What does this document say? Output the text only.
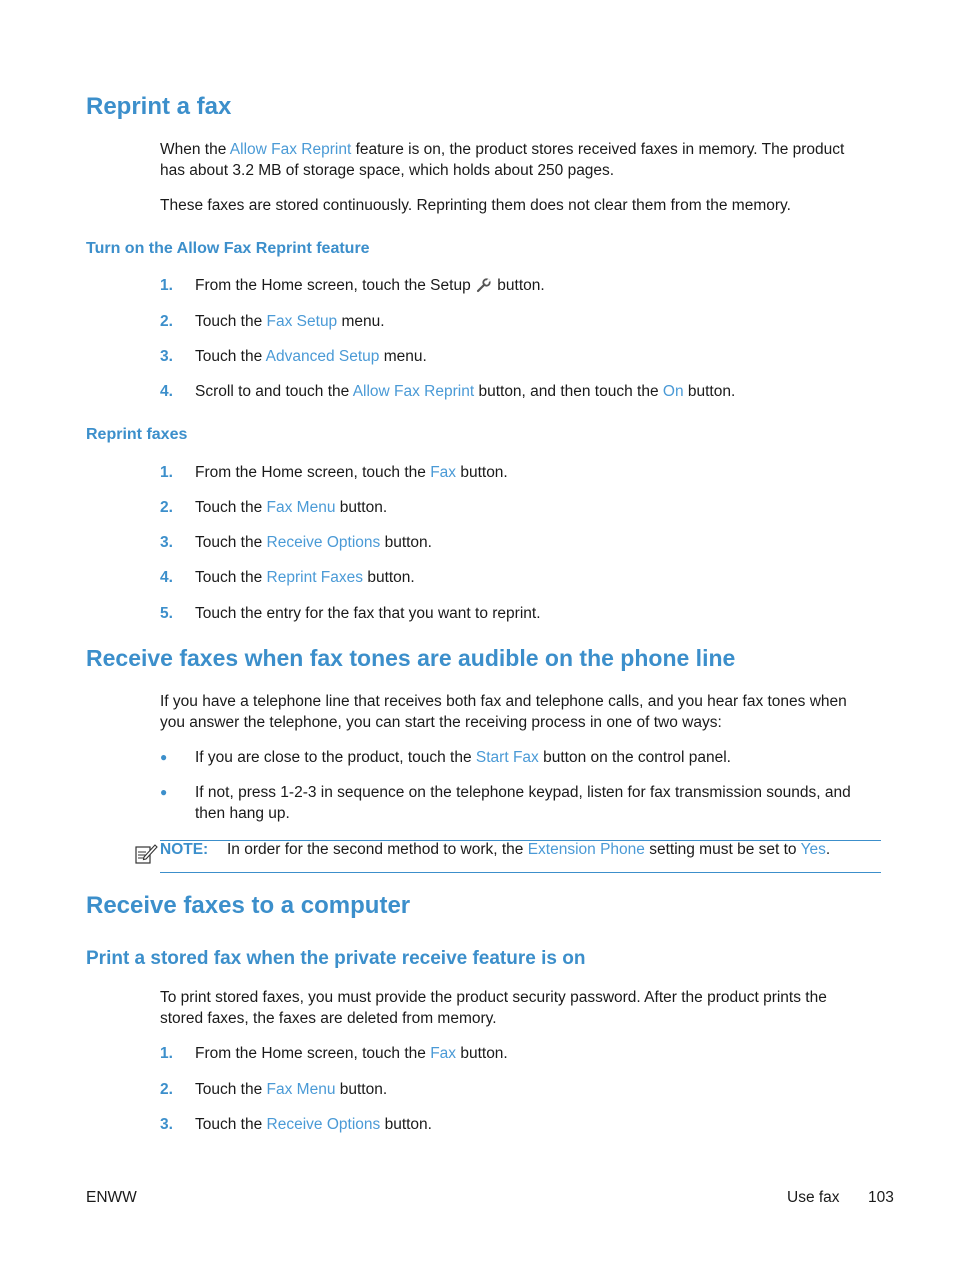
Reprint a fax
When the Allow Fax Reprint feature is on, the product stores received faxes in memory. The product has about 3.2 MB of storage space, which holds about 250 pages.
These faxes are stored continuously. Reprinting them does not clear them from the memory.
Turn on the Allow Fax Reprint feature
1. From the Home screen, touch the Setup  button.
2. Touch the Fax Setup menu.
3. Touch the Advanced Setup menu.
4. Scroll to and touch the Allow Fax Reprint button, and then touch the On button.
Reprint faxes
1. From the Home screen, touch the Fax button.
2. Touch the Fax Menu button.
3. Touch the Receive Options button.
4. Touch the Reprint Faxes button.
5. Touch the entry for the fax that you want to reprint.
Receive faxes when fax tones are audible on the phone line
If you have a telephone line that receives both fax and telephone calls, and you hear fax tones when you answer the telephone, you can start the receiving process in one of two ways:
●	If you are close to the product, touch the Start Fax button on the control panel.
●	If not, press 1-2-3 in sequence on the telephone keypad, listen for fax transmission sounds, and then hang up.
NOTE: In order for the second method to work, the Extension Phone setting must be set to Yes.
Receive faxes to a computer
Print a stored fax when the private receive feature is on
To print stored faxes, you must provide the product security password. After the product prints the stored faxes, the faxes are deleted from memory.
1. From the Home screen, touch the Fax button.
2. Touch the Fax Menu button.
3. Touch the Receive Options button.
ENWW	Use fax 103
